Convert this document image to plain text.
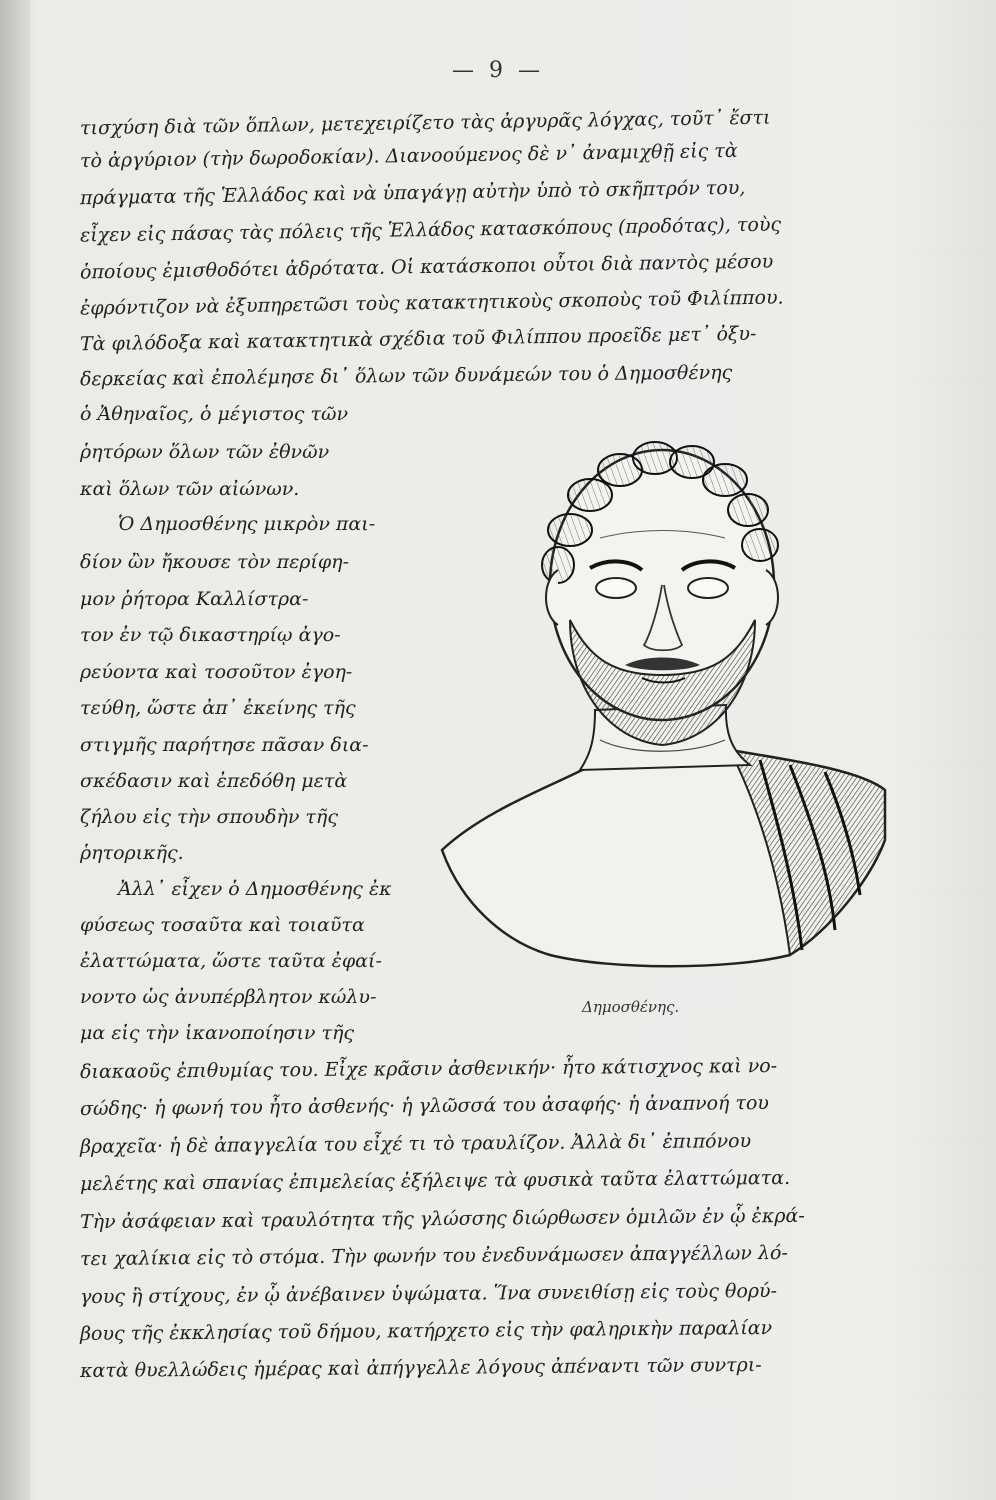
— 9 —
τισχύση διὰ τῶν ὅπλων, μετεχειρίζετο τὰς ἀργυρᾶς λόγχας, τοῦτ᾽ ἔστι
τὸ ἀργύριον (τὴν δωροδοκίαν). Διανοούμενος δὲ ν᾽ ἀναμιχθῇ εἰς τὰ
πράγματα τῆς Ἑλλάδος καὶ νὰ ὑπαγάγῃ αὐτὴν ὑπὸ τὸ σκῆπτρόν του,
εἶχεν εἰς πάσας τὰς πόλεις τῆς Ἑλλάδος κατασκόπους (προδότας), τοὺς
ὁποίους ἐμισθοδότει ἀδρότατα. Οἱ κατάσκοποι οὗτοι διὰ παντὸς μέσου
ἐφρόντιζον νὰ ἐξυπηρετῶσι τοὺς κατακτητικοὺς σκοποὺς τοῦ Φιλίππου.
Τὰ φιλόδοξα καὶ κατακτητικὰ σχέδια τοῦ Φιλίππου προεῖδε μετ᾽ ὀξυ-
δερκείας καὶ ἐπολέμησε δι᾽ ὅλων τῶν δυνάμεών του ὁ Δημοσθένης
ὁ Ἀθηναῖος, ὁ μέγιστος τῶν
ῥητόρων ὅλων τῶν ἐθνῶν
καὶ ὅλων τῶν αἰώνων.
Ὁ Δημοσθένης μικρὸν παι-
δίον ὢν ἤκουσε τὸν περίφη-
μον ῥήτορα Καλλίστρα-
τον ἐν τῷ δικαστηρίῳ ἀγο-
ρεύοντα καὶ τοσοῦτον ἐγοη-
τεύθη, ὥστε ἀπ᾽ ἐκείνης τῆς
στιγμῆς παρήτησε πᾶσαν δια-
σκέδασιν καὶ ἐπεδόθη μετὰ
ζήλου εἰς τὴν σπουδὴν τῆς
ῥητορικῆς.
Ἀλλ᾽ εἶχεν ὁ Δημοσθένης ἐκ
φύσεως τοσαῦτα καὶ τοιαῦτα
ἐλαττώματα, ὥστε ταῦτα ἐφαί-
νοντο ὡς ἀνυπέρβλητον κώλυ-
μα εἰς τὴν ἱκανοποίησιν τῆς
Δημοσθένης.
διακαοῦς ἐπιθυμίας του. Εἶχε κρᾶσιν ἀσθενικήν· ἦτο κάτισχνος καὶ νο-
σώδης· ἡ φωνή του ἦτο ἀσθενής· ἡ γλῶσσά του ἀσαφής· ἡ ἀναπνοή του
βραχεῖα· ἡ δὲ ἀπαγγελία του εἶχέ τι τὸ τραυλίζον. Ἀλλὰ δι᾽ ἐπιπόνου
μελέτης καὶ σπανίας ἐπιμελείας ἐξήλειψε τὰ φυσικὰ ταῦτα ἐλαττώματα.
Τὴν ἀσάφειαν καὶ τραυλότητα τῆς γλώσσης διώρθωσεν ὁμιλῶν ἐν ᾧ ἐκρά-
τει χαλίκια εἰς τὸ στόμα. Τὴν φωνήν του ἐνεδυνάμωσεν ἀπαγγέλλων λό-
γους ἢ στίχους, ἐν ᾧ ἀνέβαινεν ὑψώματα. Ἵνα συνειθίσῃ εἰς τοὺς θορύ-
βους τῆς ἐκκλησίας τοῦ δήμου, κατήρχετο εἰς τὴν φαληρικὴν παραλίαν
κατὰ θυελλώδεις ἡμέρας καὶ ἀπήγγελλε λόγους ἀπέναντι τῶν συντρι-
